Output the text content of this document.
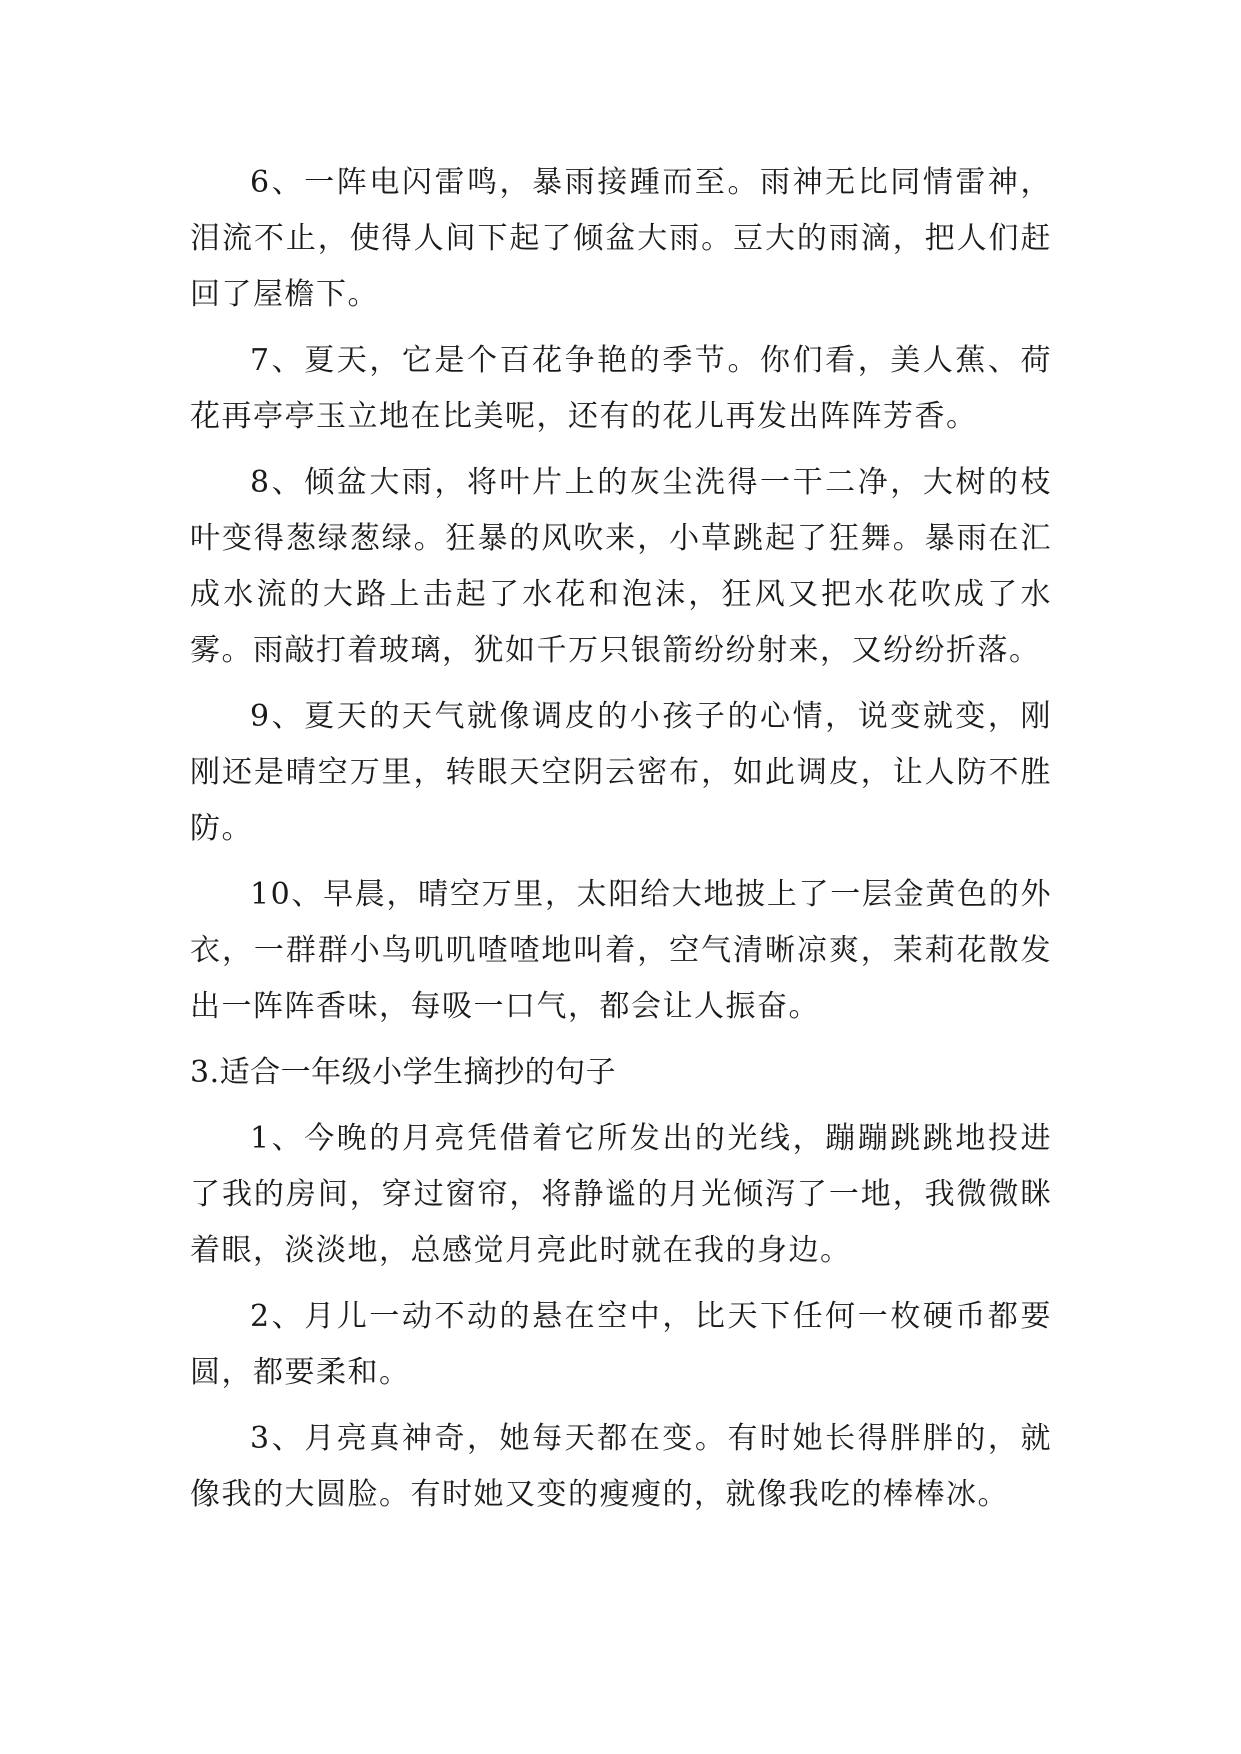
6、一阵电闪雷鸣，暴雨接踵而至。雨神无比同情雷神，泪流不止，使得人间下起了倾盆大雨。豆大的雨滴，把人们赶回了屋檐下。

7、夏天，它是个百花争艳的季节。你们看，美人蕉、荷花再亭亭玉立地在比美呢，还有的花儿再发出阵阵芳香。

8、倾盆大雨，将叶片上的灰尘洗得一干二净，大树的枝叶变得葱绿葱绿。狂暴的风吹来，小草跳起了狂舞。暴雨在汇成水流的大路上击起了水花和泡沫，狂风又把水花吹成了水雾。雨敲打着玻璃，犹如千万只银箭纷纷射来，又纷纷折落。

9、夏天的天气就像调皮的小孩子的心情，说变就变，刚刚还是晴空万里，转眼天空阴云密布，如此调皮，让人防不胜防。

10、早晨，晴空万里，太阳给大地披上了一层金黄色的外衣，一群群小鸟叽叽喳喳地叫着，空气清晰凉爽，茉莉花散发出一阵阵香味，每吸一口气，都会让人振奋。

3.适合一年级小学生摘抄的句子

1、今晚的月亮凭借着它所发出的光线，蹦蹦跳跳地投进了我的房间，穿过窗帘，将静谧的月光倾泻了一地，我微微眯着眼，淡淡地，总感觉月亮此时就在我的身边。

2、月儿一动不动的悬在空中，比天下任何一枚硬币都要圆，都要柔和。

3、月亮真神奇，她每天都在变。有时她长得胖胖的，就像我的大圆脸。有时她又变的瘦瘦的，就像我吃的棒棒冰。
